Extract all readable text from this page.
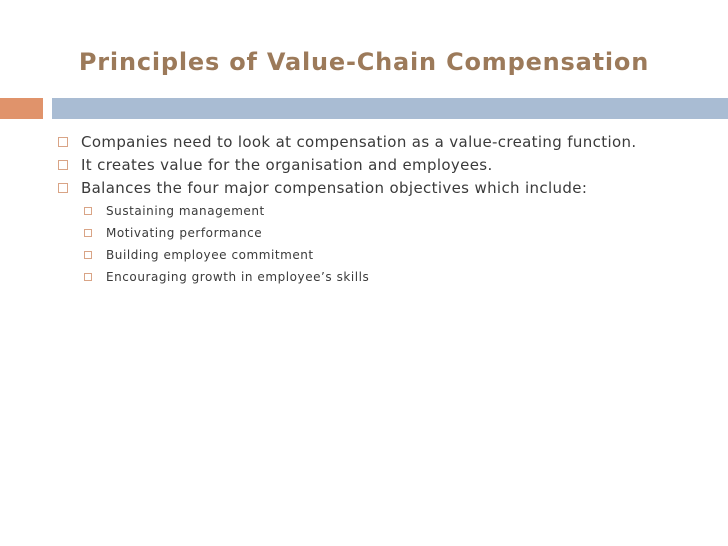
Principles of Value-Chain Compensation
Companies need to look at compensation as a value-creating function.
It creates value for the organisation and employees.
Balances the four major compensation objectives which include:
Sustaining management
Motivating performance
Building employee commitment
Encouraging growth in employee’s skills
